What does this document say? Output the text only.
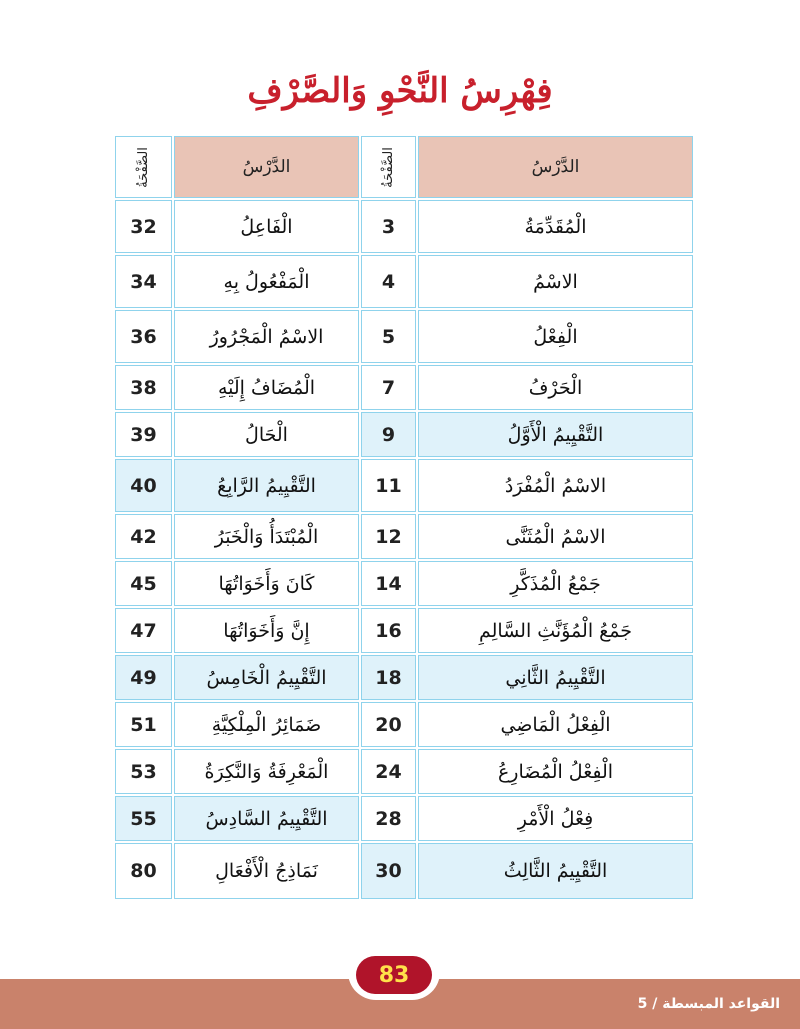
فِهْرِسُ النَّحْوِ وَالصَّرْفِ
الصَّفْحَةُ
32
34
36
38
39
40
42
45
47
49
51
53
55
80
الدَّرْسُ
الْفَاعِلُ
الْمَفْعُولُ بِهِ
الاسْمُ الْمَجْرُورُ
الْمُضَافُ إِلَيْهِ
الْحَالُ
التَّقْيِيمُ الرَّابِعُ
الْمُبْتَدَأُ وَالْخَبَرُ
كَانَ وَأَخَوَاتُهَا
إِنَّ وَأَخَوَاتُهَا
التَّقْيِيمُ الْخَامِسُ
ضَمَائِرُ الْمِلْكِيَّةِ
الْمَعْرِفَةُ وَالنَّكِرَةُ
التَّقْيِيمُ السَّادِسُ
نَمَاذِجُ الْأَفْعَالِ
الصَّفْحَةُ
3
4
5
7
9
11
12
14
16
18
20
24
28
30
الدَّرْسُ
الْمُقَدِّمَةُ
الاسْمُ
الْفِعْلُ
الْحَرْفُ
التَّقْيِيمُ الْأَوَّلُ
الاسْمُ الْمُفْرَدُ
الاسْمُ الْمُثَنَّى
جَمْعُ الْمُذَكَّرِ
جَمْعُ الْمُؤَنَّثِ السَّالِمِ
التَّقْيِيمُ الثَّانِي
الْفِعْلُ الْمَاضِي
الْفِعْلُ الْمُضَارِعُ
فِعْلُ الْأَمْرِ
التَّقْيِيمُ الثَّالِثُ
83
القواعد المبسطة / 5
